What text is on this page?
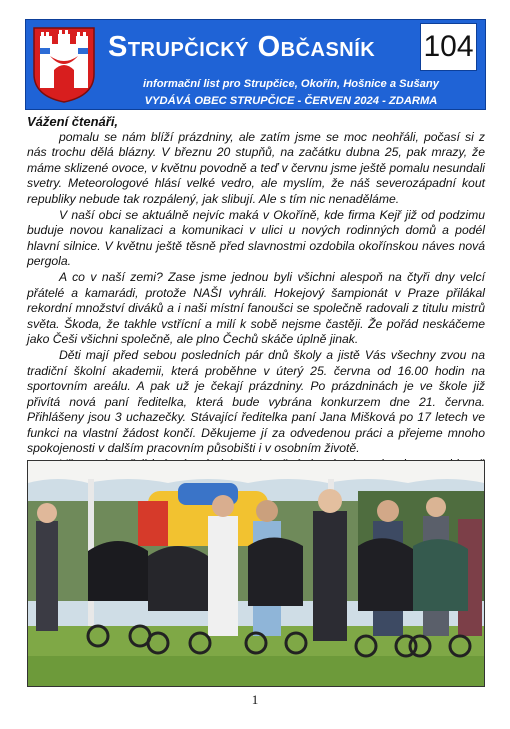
Strupčický Občasník	104
informační list pro Strupčice, Okořín, Hošnice a Sušany
VYDÁVÁ OBEC STRUPČICE - ČERVEN 2024 - ZDARMA

Vážení čtenáři,

pomalu se nám blíží prázdniny, ale zatím jsme se moc neohřáli, počasí si z nás trochu dělá blázny. V březnu 20 stupňů, na začátku dubna 25, pak mrazy, že máme sklizené ovoce, v květnu povodně a teď v červnu jsme ještě pomalu nesundali svetry. Meteorologové hlásí velké vedro, ale myslím, že náš severozápadní kout republiky nebude tak rozpálený, jak slibují. Ale s tím nic nenaděláme.

V naší obci se aktuálně nejvíc maká v Okoříně, kde firma Kejř již od podzimu buduje novou kanalizaci a komunikaci v ulici u nových rodinných domů a podél hlavní silnice. V květnu ještě těsně před slavnostmi ozdobila okořínskou náves nová pergola.

A co v naší zemi? Zase jsme jednou byli všichni alespoň na čtyři dny velcí přátelé a kamarádi, protože NAŠI vyhráli. Hokejový šampionát v Praze přilákal rekordní množství diváků a i naši místní fanoušci se společně radovali z titulu mistrů světa. Škoda, že takhle vstřícní a milí k sobě nejsme častěji. Že pořád neskáčeme jako Češi všichni společně, ale plno Čechů skáče úplně jinak.

Děti mají před sebou posledních pár dnů školy a jistě Vás všechny zvou na tradiční školní akademii, která proběhne v úterý 25. června od 16.00 hodin na sportovním areálu. A pak už je čekají prázdniny. Po prázdninách je ve škole již přivítá nová paní ředitelka, která bude vybrána konkurzem dne 21. června. Přihlášeny jsou 3 uchazečky. Stávající ředitelka paní Jana Mišková po 17 letech ve funkci na vlastní žádost končí. Děkujeme jí za odvedenou práci a přejeme mnoho spokojenosti v dalším pracovním působišti i v osobním životě.

1
